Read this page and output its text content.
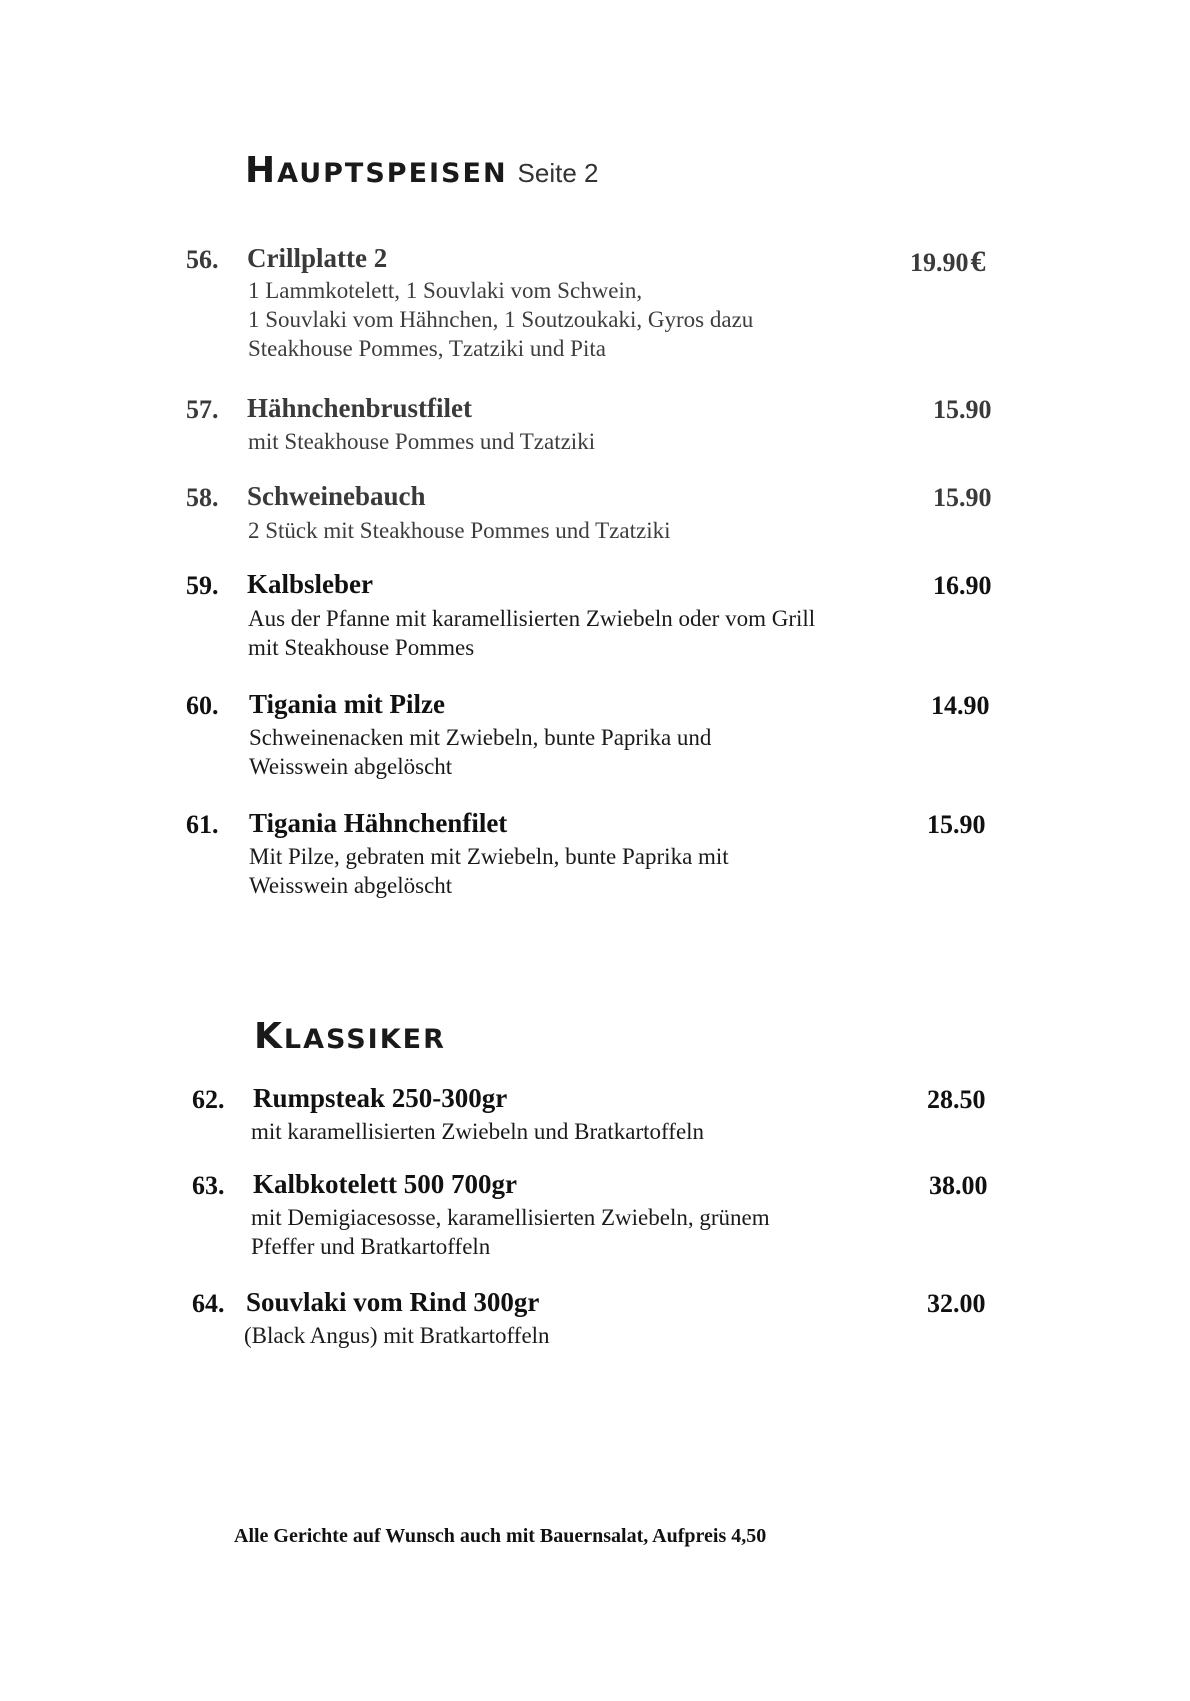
HAUPTSPEISEN Seite 2
56. Crillplatte 2	19.90€
1 Lammkotelett, 1 Souvlaki vom Schwein,
1 Souvlaki vom Hähnchen, 1 Soutzoukaki, Gyros dazu
Steakhouse Pommes, Tzatziki und Pita
57. Hähnchenbrustfilet	15.90
mit Steakhouse Pommes und Tzatziki
58. Schweinebauch	15.90
2 Stück mit Steakhouse Pommes und Tzatziki
59. Kalbsleber	16.90
Aus der Pfanne mit karamellisierten Zwiebeln oder vom Grill
mit Steakhouse Pommes
60. Tigania mit Pilze	14.90
Schweinenacken mit Zwiebeln, bunte Paprika und
Weisswein abgelöscht
61. Tigania Hähnchenfilet	15.90
Mit Pilze, gebraten mit Zwiebeln, bunte Paprika mit
Weisswein abgelöscht
KLASSIKER
62. Rumpsteak 250-300gr	28.50
mit karamellisierten Zwiebeln und Bratkartoffeln
63. Kalbkotelett 500 700gr	38.00
mit Demigiacesosse, karamellisierten Zwiebeln, grünem
Pfeffer und Bratkartoffeln
64. Souvlaki vom Rind 300gr	32.00
(Black Angus) mit Bratkartoffeln
Alle Gerichte auf Wunsch auch mit Bauernsalat, Aufpreis 4,50
